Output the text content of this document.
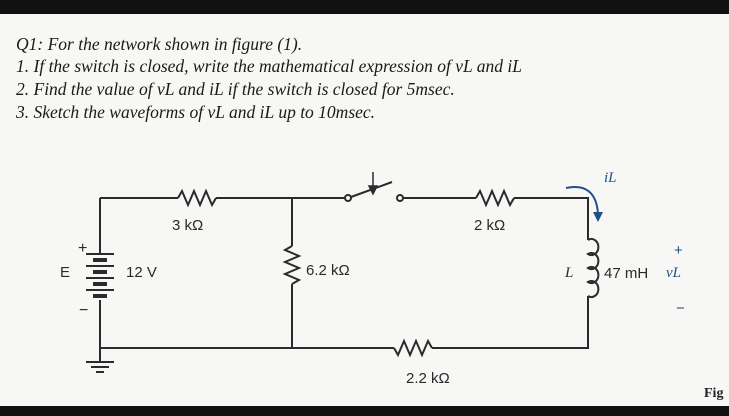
Q1: For the network shown in figure (1).

1. If the switch is closed, write the mathematical expression of vL and iL

2. Find the value of vL and iL if the switch is closed for 5msec.

3. Sketch the waveforms of vL and iL up to 10msec.

3 kΩ
6.2 kΩ
2 kΩ
2.2 kΩ
E	12 V
+
−
L 47 mH vL
+
−
iL
Fig
